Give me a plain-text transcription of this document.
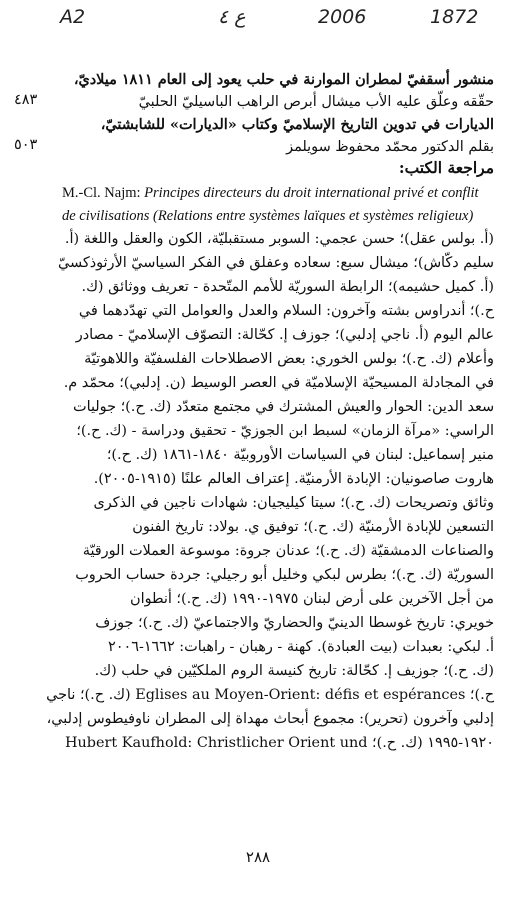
A2	ع ٤	2006	1872
منشور أسقفيّ لمطران الموارنة في حلب يعود إلى العام ١٨١١ ميلاديّ،
حقّقه وعلّق عليه الأب ميشال أبرص الراهب الباسيليّ الحلبيّ
٤٨٣
الديارات في تدوين التاريخ الإسلاميّ وكتاب «الديارات» للشابشتيّ،
بقلم الدكتور محمّد محفوظ سويلمز
٥٠٣
مراجعة الكتب:
M.-Cl. Najm: Principes directeurs du droit international privé et conflit
de civilisations (Relations entre systèmes laïques et systèmes religieux)
(أ. بولس عقل)؛ حسن عجمي: السوبر مستقبليّة، الكون والعقل واللغة (أ.
سليم دكّاش)؛ ميشال سبع: سعاده وعفلق في الفكر السياسيّ الأرثوذكسيّ
(أ. كميل حشيمه)؛ الرابطة السوريّة للأمم المتّحدة - تعريف ووثائق (ك.
ح.)؛ أندراوس بشته وآخرون: السلام والعدل والعوامل التي تهدّدهما في
عالم اليوم (أ. ناجي إدلبي)؛ جوزف إ. كحّالة: التصوّف الإسلاميّ - مصادر
وأعلام (ك. ح.)؛ بولس الخوري: بعض الاصطلاحات الفلسفيّة واللاهوتيّة
في المجادلة المسيحيّة الإسلاميّة في العصر الوسيط (ن. إدلبي)؛ محمّد م.
سعد الدين: الحوار والعيش المشترك في مجتمع متعدّد (ك. ح.)؛ جوليات
الراسي: «مرآة الزمان» لسبط ابن الجوزيّ - تحقيق ودراسة - (ك. ح.)؛
منير إسماعيل: لبنان في السياسات الأوروبيّة ١٨٤٠-١٨٦١ (ك. ح.)؛
هاروت صاصونيان: الإبادة الأرمنيّة. إعتراف العالم علنًا (١٩١٥-٢٠٠٥).
وثائق وتصريحات (ك. ح.)؛ سيتا كيليجيان: شهادات ناجين في الذكرى
التسعين للإبادة الأرمنيّة (ك. ح.)؛ توفيق ي. بولاد: تاريخ الفنون
والصناعات الدمشقيّة (ك. ح.)؛ عدنان جروة: موسوعة العملات الورقيّة
السوريّة (ك. ح.)؛ بطرس لبكي وخليل أبو رجيلي: جردة حساب الحروب
من أجل الآخرين على أرض لبنان ١٩٧٥-١٩٩٠ (ك. ح.)؛ أنطوان
خويري: تاريخ غوسطا الدينيّ والحضاريّ والاجتماعيّ (ك. ح.)؛ جوزف
أ. لبكي: بعبدات (بيت العبادة). كهنة - رهبان - راهبات: ١٦٦٢-٢٠٠٦
(ك. ح.)؛ جوزيف إ. كحّالة: تاريخ كنيسة الروم الملكيّين في حلب (ك.
ح.)؛ Eglises au Moyen-Orient: défis et espérances (ك. ح.)؛ ناجي
إدلبي وآخرون (تحرير): مجموع أبحاث مهداة إلى المطران ناوفيطوس إدلبي،
١٩٢٠-١٩٩٥ (ك. ح.)؛ Hubert Kaufhold: Christlicher Orient und
٢٨٨
